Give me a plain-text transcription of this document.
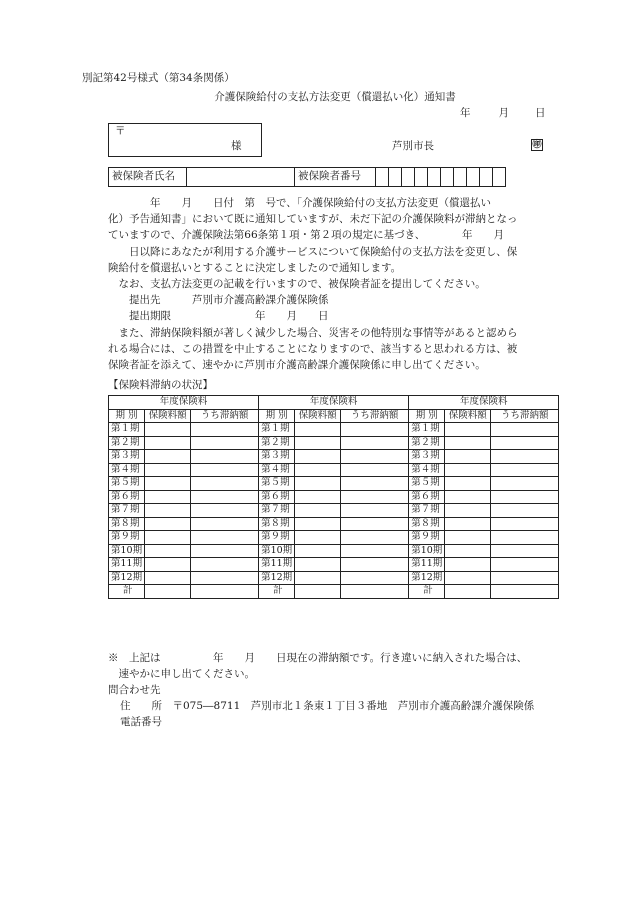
別記第42号様式（第34条関係）
介護保険給付の支払方法変更（償還払い化）通知書
年	月 日
〒
様	芦別市長	㊞
被保険者氏名		被保険者番号										

　　　　年　　月　　日付　第　号で、「介護保険給付の支払方法変更（償還払い

化）予告通知書」において既に通知していますが、未だ下記の介護保険料が滞納となっ

ていますので、介護保険法第66条第１項・第２項の規定に基づき、　　　　年　　月

　　日以降にあなたが利用する介護サービスについて保険給付の支払方法を変更し、保

険給付を償還払いとすることに決定しましたので通知します。

　なお、支払方法変更の記載を行いますので、被保険者証を提出してください。

　　提出先　　　芦別市介護高齢課介護保険係

　　提出期限　　　　　　　　年　　月　　日

　また、滞納保険料額が著しく減少した場合、災害その他特別な事情等があると認めら

れる場合には、この措置を中止することになりますので、該当すると思われる方は、被

保険者証を添えて、速やかに芦別市介護高齢課介護保険係に申し出てください。

【保険料滞納の状況】
年度保険料			年度保険料			年度保険料		
期 別	保険料額	うち滞納額	期 別	保険料額	うち滞納額	期 別	保険料額	うち滞納額
第１期			第１期			第１期		
第２期			第２期			第２期		
第３期			第３期			第３期		
第４期			第４期			第４期		
第５期			第５期			第５期		
第６期			第６期			第６期		
第７期			第７期			第７期		
第８期			第８期			第８期		
第９期			第９期			第９期		
第10期			第10期			第10期		
第11期			第11期			第11期		
第12期			第12期			第12期		
計			計			計		
※　上記は　　　　　年　　月　　日現在の滞納額です。行き違いに納入された場合は、
　速やかに申し出てください。
問合わせ先
住　　所　〒075―8711　芦別市北１条東１丁目３番地　芦別市介護高齢課介護保険係
電話番号
